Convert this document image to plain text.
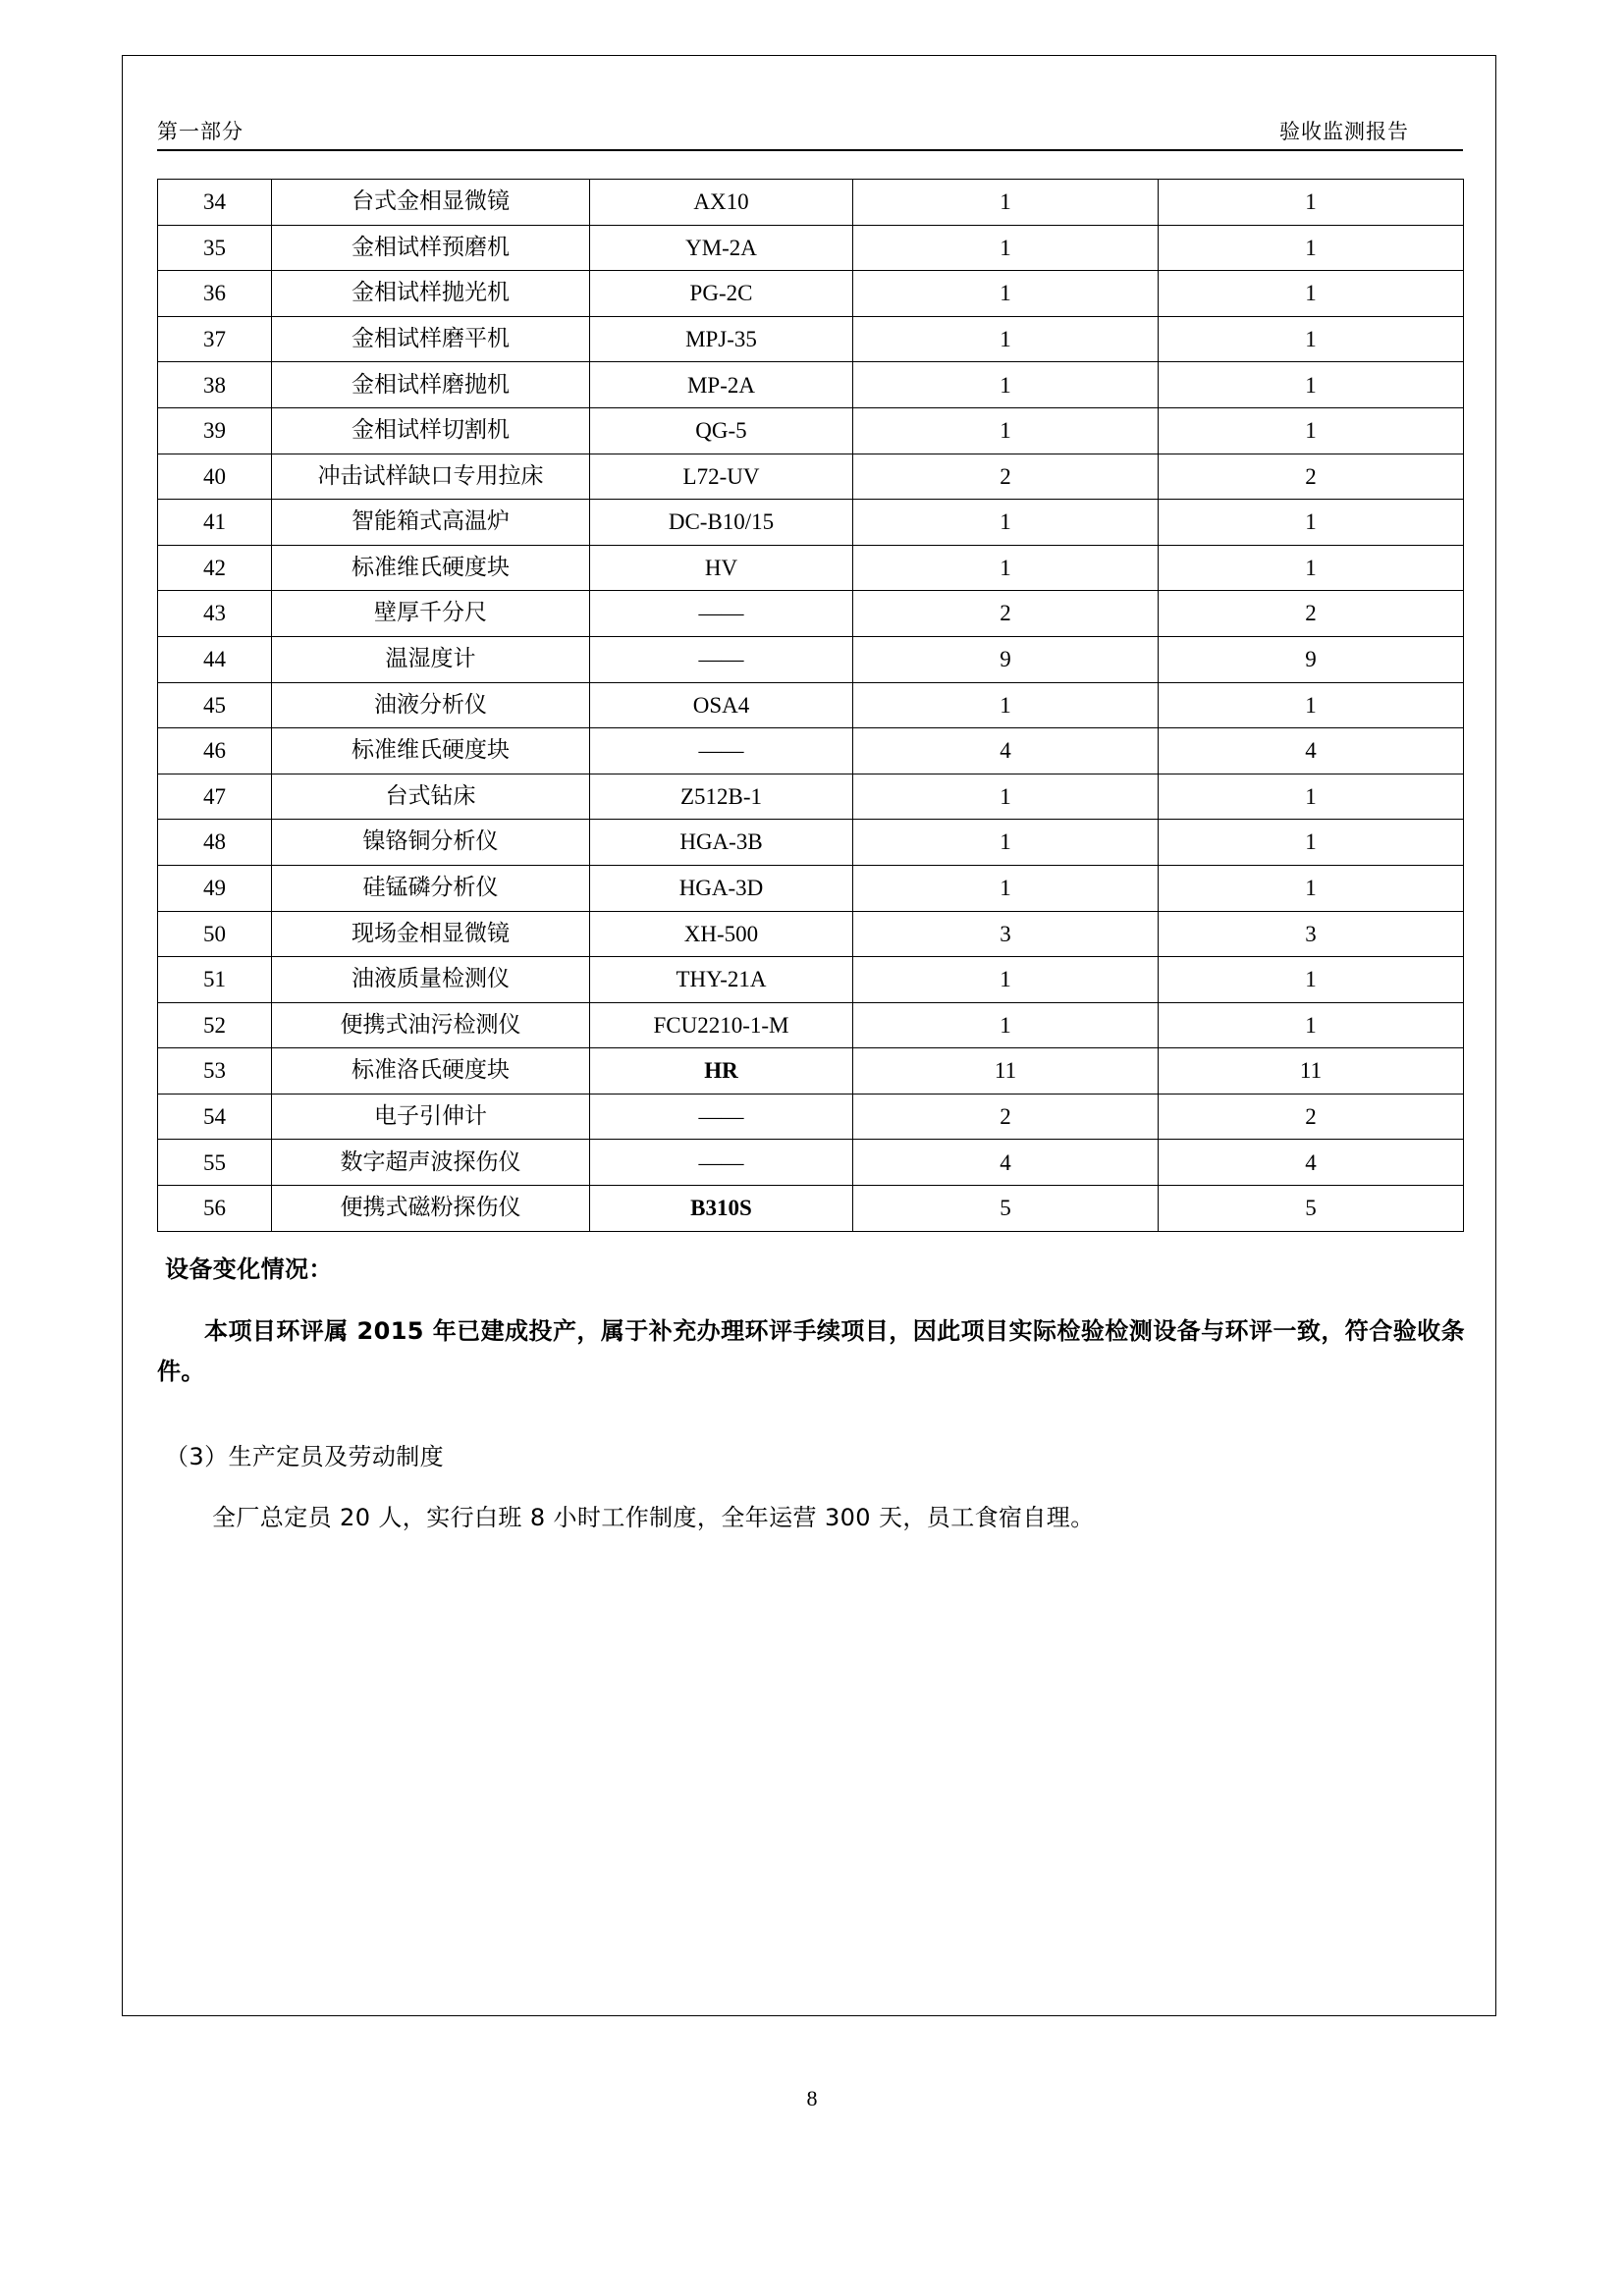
第一部分	验收监测报告
34	台式金相显微镜	AX10	1	1
35	金相试样预磨机	YM-2A	1	1
36	金相试样抛光机	PG-2C	1	1
37	金相试样磨平机	MPJ-35	1	1
38	金相试样磨抛机	MP-2A	1	1
39	金相试样切割机	QG-5	1	1
40	冲击试样缺口专用拉床	L72-UV	2	2
41	智能箱式高温炉	DC-B10/15	1	1
42	标准维氏硬度块	HV	1	1
43	壁厚千分尺	——	2	2
44	温湿度计	——	9	9
45	油液分析仪	OSA4	1	1
46	标准维氏硬度块	——	4	4
47	台式钻床	Z512B-1	1	1
48	镍铬铜分析仪	HGA-3B	1	1
49	硅锰磷分析仪	HGA-3D	1	1
50	现场金相显微镜	XH-500	3	3
51	油液质量检测仪	THY-21A	1	1
52	便携式油污检测仪	FCU2210-1-M	1	1
53	标准洛氏硬度块	HR	11	11
54	电子引伸计	——	2	2
55	数字超声波探伤仪	——	4	4
56	便携式磁粉探伤仪	B310S	5	5

设备变化情况：

本项目环评属 2015 年已建成投产，属于补充办理环评手续项目，因此项目实际检验检测设备与环评一致，符合验收条件。

（3）生产定员及劳动制度

全厂总定员 20 人，实行白班 8 小时工作制度，全年运营 300 天，员工食宿自理。

8
